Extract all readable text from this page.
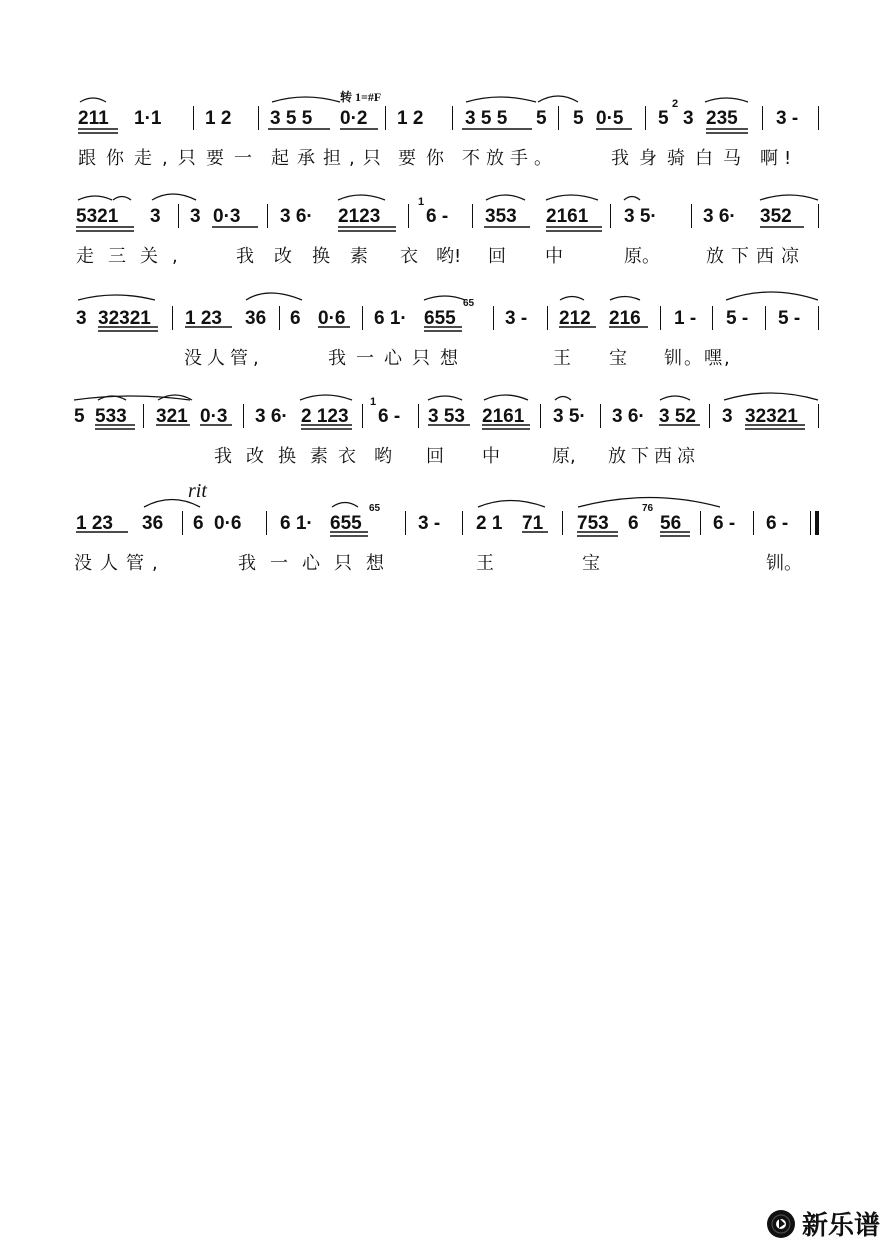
转 1=#F
211 1·1 1 2 3 5 5 0·2 1 2 3 5 5 5 5 0·5 5
2
3 235 3 -
跟你走,只 要一 起承担,只 要你 不放手。	我身骑白马 啊!
5321 3 3 0·3 3 6· 2123
1
6 - 353 2161 3 5· 3 6· 352
走三关, 我改换素 衣 哟! 回 中	原。	放下西凉
3 32321 1 23 36 6 0·6 6 1· 655
65
3 - 212 216 1 - 5 - 5 -
没人管,	我一心只想	王 宝 钏。嘿,
5 533 321 0·3 3 6· 2 123
1
6 - 3 53 2161 3 5· 3 6· 3 52 3 32321
我改换素
衣 哟 回 中	原, 放下西凉
rit
1 23 36 6 0·6 6 1· 655
65
3 - 2 1 71 753 6
76
56 6 - 6 -
没人管,	我一心只想	王	宝	钏。
新乐谱
